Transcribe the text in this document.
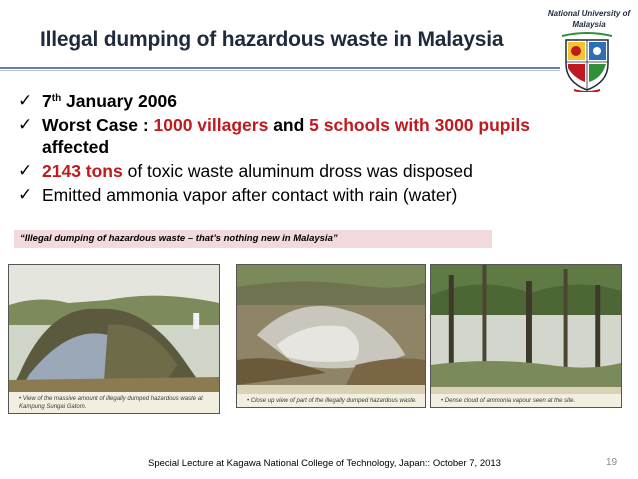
Illegal dumping of hazardous waste in Malaysia
National University of
Malaysia
✓ 7th January 2006
✓ Worst Case : 1000 villagers and 5 schools with 3000 pupils
affected
✓ 2143 tons of toxic waste aluminum dross was disposed
✓ Emitted ammonia vapor after contact with rain (water)
“Illegal dumping of hazardous waste – that’s nothing new in Malaysia”
• View of the massive amount of illegally dumped hazardous waste at Kampung Sungai Gatom.
• Close up view of part of the illegally dumped hazardous waste.	• Dense cloud of ammonia vapour seen at the site.
Special Lecture at Kagawa National College of Technology, Japan:: October 7, 2013	19
